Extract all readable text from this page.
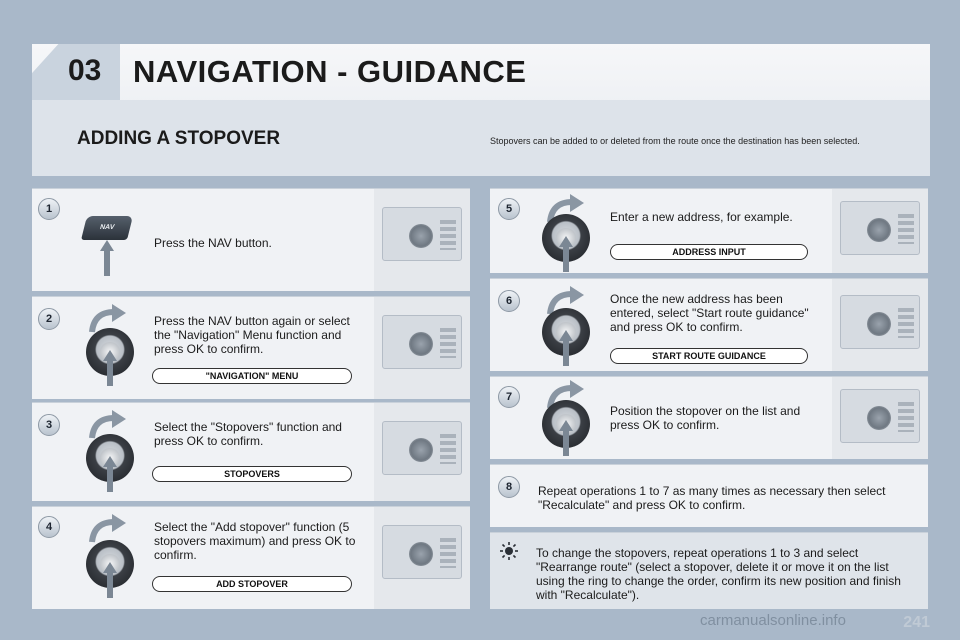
03 NAVIGATION - GUIDANCE
ADDING A STOPOVER	Stopovers can be added to or deleted from the route once the destination has been selected.
1
NAV
Press the NAV button.
2	Press the NAV button again or select the "Navigation" Menu function and press OK to confirm.
"NAVIGATION" MENU
3	Select the "Stopovers" function and press OK to confirm.
STOPOVERS
4	Select the "Add stopover" function (5 stopovers maximum) and press OK to confirm.
ADD STOPOVER
5
Enter a new address, for example.
ADDRESS INPUT
6	Once the new address has been entered, select "Start route guidance" and press OK to confirm.
START ROUTE GUIDANCE
7
Position the stopover on the list and press OK to confirm.
8	Repeat operations 1 to 7 as many times as necessary then select "Recalculate" and press OK to confirm.
To change the stopovers, repeat operations 1 to 3 and select "Rearrange route" (select a stopover, delete it or move it on the list using the ring to change the order, confirm its new position and finish with "Recalculate").
241
carmanualsonline.info
